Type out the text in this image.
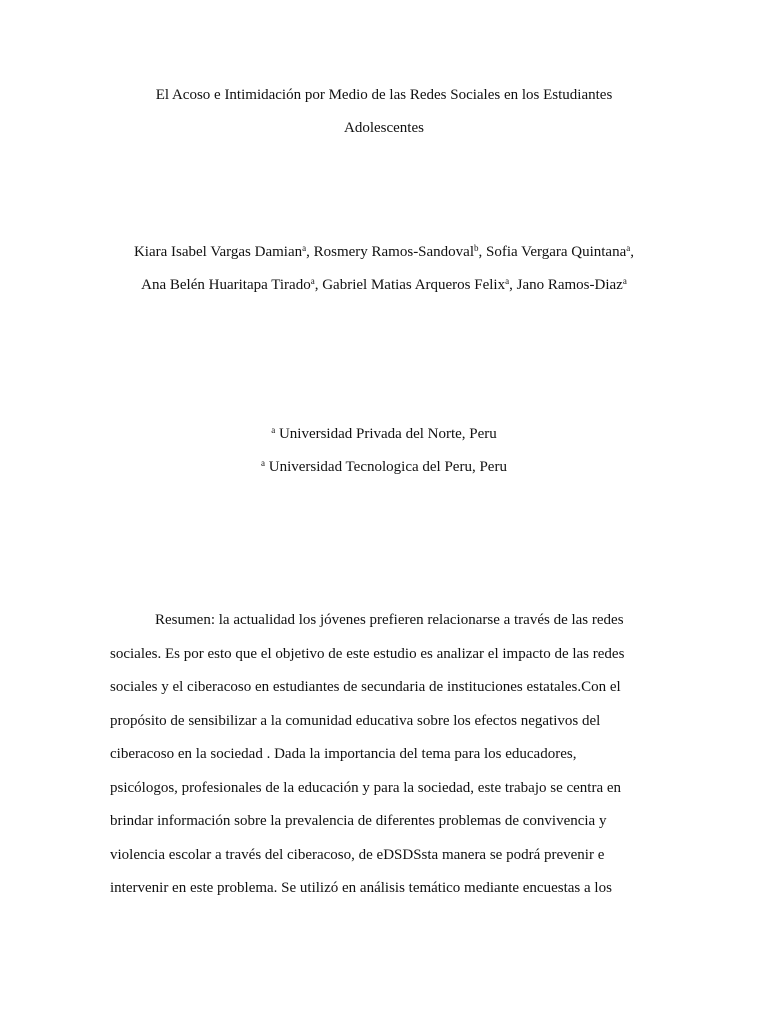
El Acoso e Intimidación por Medio de las Redes Sociales en los Estudiantes
Adolescentes
Kiara Isabel Vargas Damian$^a$, Rosmery Ramos-Sandoval$^b$, Sofia Vergara Quintana$^a$,
Ana Belén Huaritapa Tirado$^a$, Gabriel Matias Arqueros Felix$^a$, Jano Ramos-Diaz$^a$
$^a$ Universidad Privada del Norte, Peru
$^a$ Universidad Tecnologica del Peru, Peru
Resumen: la actualidad los jóvenes prefieren relacionarse a través de las redes
sociales. Es por esto que el objetivo de este estudio es analizar el impacto de las redes
sociales y el ciberacoso en estudiantes de secundaria de instituciones estatales.Con el
propósito de sensibilizar a la comunidad educativa sobre los efectos negativos del
ciberacoso en la sociedad . Dada la importancia del tema para los educadores,
psicólogos, profesionales de la educación y para la sociedad, este trabajo se centra en
brindar información sobre la prevalencia de diferentes problemas de convivencia y
violencia escolar a través del ciberacoso, de eDSDSsta manera se podrá prevenir e
intervenir en este problema. Se utilizó en análisis temático mediante encuestas a los
